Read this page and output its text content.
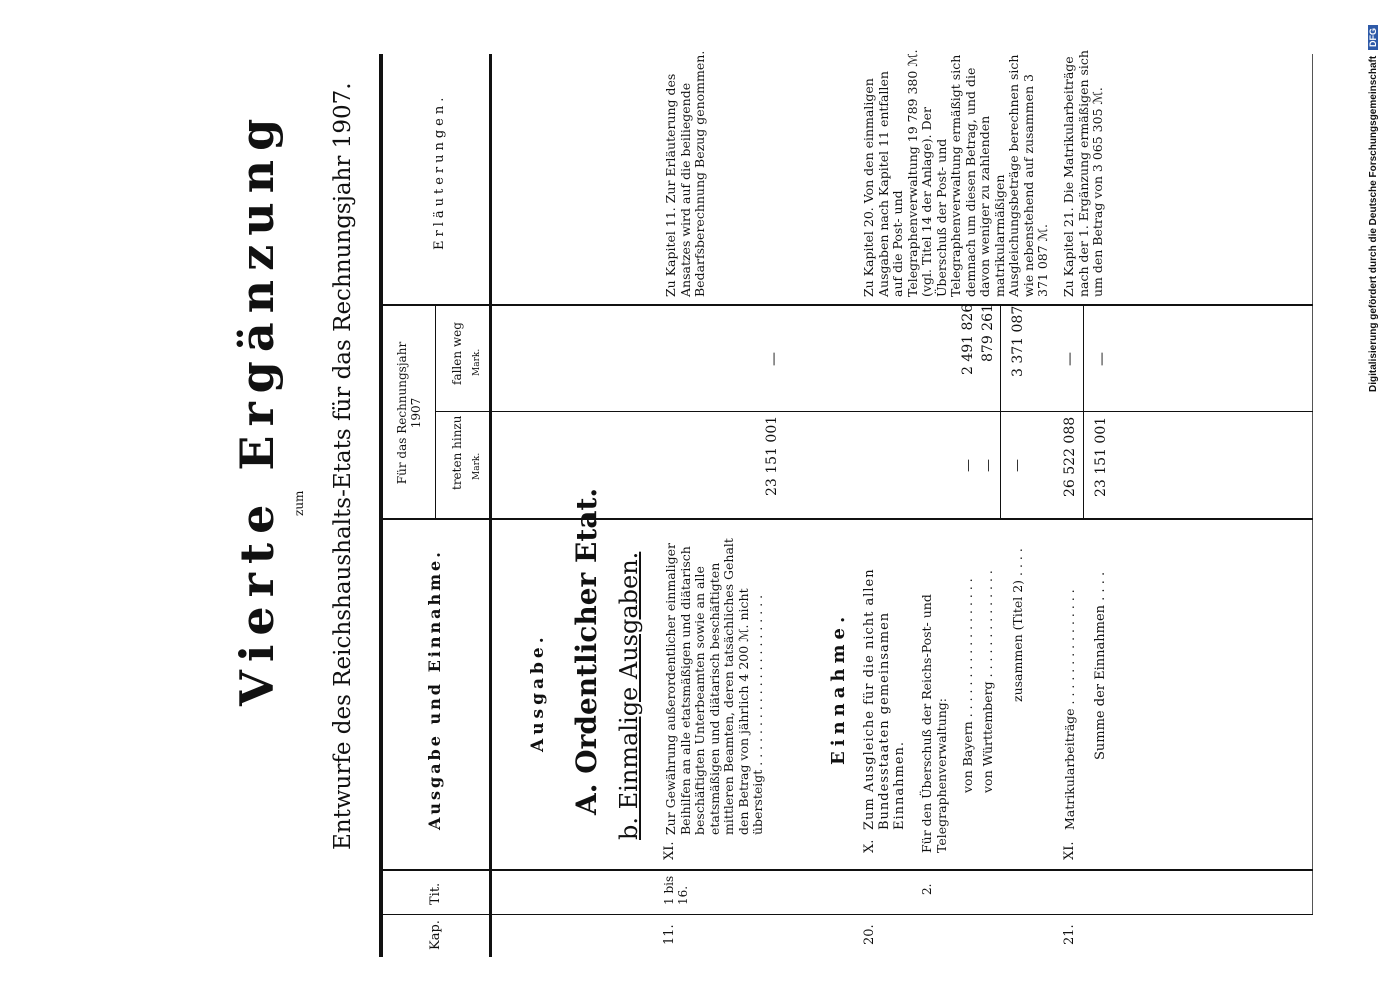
Vierte Ergänzung zum Entwurfe des Reichshaushalts-Etats für das Rechnungsjahr 1907.
Kap.
Tit.
Ausgabe und Einnahme.
Für das Rechnungsjahr 1907
treten hinzu Mark.
fallen weg Mark.
Erläuterungen.
Ausgabe. A. Ordentlicher Etat. b. Einmalige Ausgaben.
11.
1 bis 16.
XI.
Zur Gewährung außerordentlicher einmaliger Beihilfen an alle etatsmäßigen und diätarisch beschäftigten Unterbeamten sowie an alle etatsmäßigen und diätarisch beschäftigten mittleren Beamten, deren tatsächliches Gehalt den Betrag von jährlich 4 200 ℳ. nicht übersteigt . . . . . . . . . . . . . . . . . . . . . .
23 151 001
—
Zu Kapitel 11. Zur Erläuterung des Ansatzes wird auf die beiliegende Bedarfsberechnung Bezug genommen.
Einnahme.
20.
X.
Zum Ausgleiche für die nicht allen Bundesstaaten gemeinsamen Einnahmen.
2.
Für den Überschuß der Reichs-Post- und Telegraphenverwaltung: von Bayern . . . . . . . . . . . . . . . . . .
—
2 491 826
von Württemberg . . . . . . . . . . . . . .
—
879 261
zusammen (Titel 2) . . . .
—
3 371 087
Zu Kapitel 20. Von den einmaligen Ausgaben nach Kapitel 11 entfallen auf die Post- und Telegraphenverwaltung 19 789 380 ℳ. (vgl. Titel 14 der Anlage). Der Überschuß der Post- und Telegraphenverwaltung ermäßigt sich demnach um diesen Betrag, und die davon weniger zu zahlenden matrikularmäßigen Ausgleichungsbeträge berechnen sich wie nebenstehend auf zusammen 3 371 087 ℳ.
21.
XI.
Matrikularbeiträge . . . . . . . . . . . . . . .
26 522 088
—
Summe der Einnahmen . . . .
23 151 001
—
Zu Kapitel 21. Die Matrikularbeiträge nach der 1. Ergänzung ermäßigen sich um den Betrag von 3 065 305 ℳ.	Digitalisierung gefördert durch die Deutsche Forschungsgemeinschaft DFG
